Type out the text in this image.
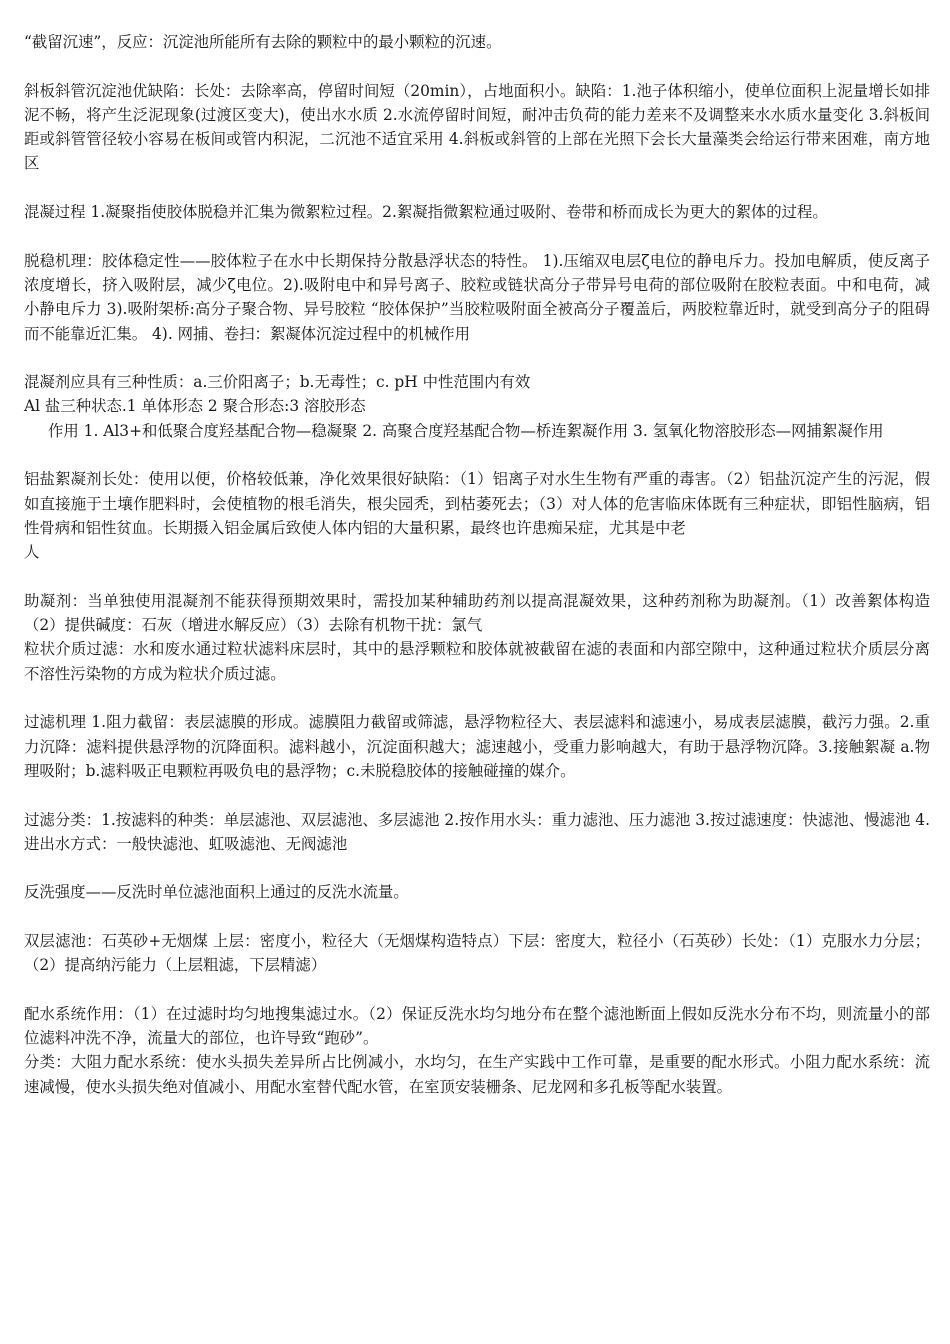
“截留沉速”，反应：沉淀池所能所有去除的颗粒中的最小颗粒的沉速。

斜板斜管沉淀池优缺陷：长处：去除率高，停留时间短（20min），占地面积小。缺陷：1.池子体积缩小，使单位面积上泥量增长如排泥不畅，将产生泛泥现象(过渡区变大)，使出水水质 2.水流停留时间短，耐冲击负荷的能力差来不及调整来水水质水量变化 3.斜板间距或斜管管径较小容易在板间或管内积泥，二沉池不适宜采用 4.斜板或斜管的上部在光照下会长大量藻类会给运行带来困难，南方地区

混凝过程 1.凝聚指使胶体脱稳并汇集为微絮粒过程。2.絮凝指微絮粒通过吸附、卷带和桥而成长为更大的絮体的过程。

脱稳机理：胶体稳定性——胶体粒子在水中长期保持分散悬浮状态的特性。 1).压缩双电层ζ电位的静电斥力。投加电解质，使反离子浓度增长，挤入吸附层，减少ζ电位。2).吸附电中和异号离子、胶粒或链状高分子带异号电荷的部位吸附在胶粒表面。中和电荷，减小静电斥力 3).吸附架桥:高分子聚合物、异号胶粒 “胶体保护”当胶粒吸附面全被高分子覆盖后，两胶粒靠近时，就受到高分子的阻碍而不能靠近汇集。 4). 网捕、卷扫：絮凝体沉淀过程中的机械作用

混凝剂应具有三种性质：a.三价阳离子；b.无毒性；c. pH 中性范围内有效

Al 盐三种状态.1 单体形态 2 聚合形态:3 溶胶形态

作用 1. Al3+和低聚合度羟基配合物—稳凝聚 2. 高聚合度羟基配合物—桥连絮凝作用 3. 氢氧化物溶胶形态—网捕絮凝作用

铝盐絮凝剂长处：使用以便，价格较低兼，净化效果很好缺陷：（1）铝离子对水生生物有严重的毒害。（2）铝盐沉淀产生的污泥，假如直接施于土壤作肥料时，会使植物的根毛消失，根尖园秃，到枯萎死去；（3）对人体的危害临床体既有三种症状，即铝性脑病，铝性骨病和铝性贫血。长期摄入铝金属后致使人体内铝的大量积累，最终也许患痴呆症，尤其是中老

人

助凝剂：当单独使用混凝剂不能获得预期效果时，需投加某种辅助药剂以提高混凝效果，这种药剂称为助凝剂。（1）改善絮体构造（2）提供碱度：石灰（增进水解反应）（3）去除有机物干扰：氯气

粒状介质过滤：水和废水通过粒状滤料床层时，其中的悬浮颗粒和胶体就被截留在滤的表面和内部空隙中，这种通过粒状介质层分离不溶性污染物的方成为粒状介质过滤。

过滤机理 1.阻力截留：表层滤膜的形成。滤膜阻力截留或筛滤，悬浮物粒径大、表层滤料和滤速小，易成表层滤膜，截污力强。2.重力沉降：滤料提供悬浮物的沉降面积。滤料越小，沉淀面积越大；滤速越小，受重力影响越大，有助于悬浮物沉降。3.接触絮凝 a.物理吸附；b.滤料吸正电颗粒再吸负电的悬浮物；c.未脱稳胶体的接触碰撞的媒介。

过滤分类：1.按滤料的种类：单层滤池、双层滤池、多层滤池 2.按作用水头：重力滤池、压力滤池 3.按过滤速度：快滤池、慢滤池 4.进出水方式：一般快滤池、虹吸滤池、无阀滤池

反洗强度——反洗时单位滤池面积上通过的反洗水流量。

双层滤池：石英砂+无烟煤 上层：密度小，粒径大（无烟煤构造特点）下层：密度大，粒径小（石英砂）长处：（1）克服水力分层；（2）提高纳污能力（上层粗滤，下层精滤）

配水系统作用：（1）在过滤时均匀地搜集滤过水。（2）保证反洗水均匀地分布在整个滤池断面上假如反洗水分布不均，则流量小的部位滤料冲洗不净，流量大的部位，也许导致“跑砂”。

分类：大阻力配水系统：使水头损失差异所占比例减小，水均匀，在生产实践中工作可靠，是重要的配水形式。小阻力配水系统：流速减慢，使水头损失绝对值减小、用配水室替代配水管，在室顶安装栅条、尼龙网和多孔板等配水装置。
